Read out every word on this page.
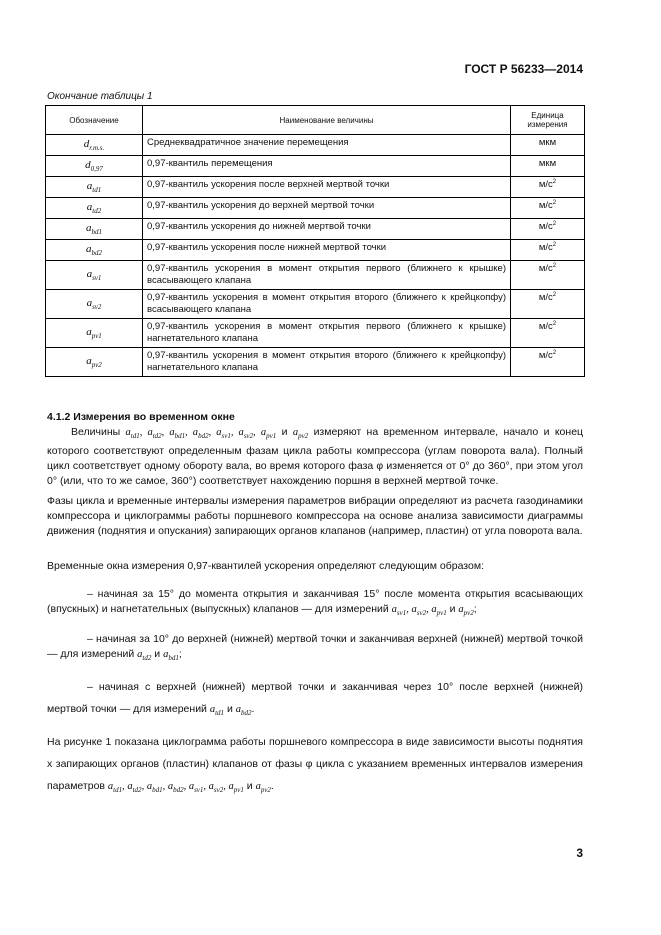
ГОСТ Р 56233—2014
Окончание таблицы 1
Обозначение	Наименование величины	Единица измерения
$d_{r.m.s.}$	Среднеквадратичное значение перемещения	мкм
$d_{0,97}$	0,97-квантиль перемещения	мкм
$a_{td1}$	0,97-квантиль ускорения после верхней мертвой точки	$м/с^2$
$a_{td2}$	0,97-квантиль ускорения до верхней мертвой точки	$м/с^2$
$a_{bd1}$	0,97-квантиль ускорения до нижней мертвой точки	$м/с^2$
$a_{bd2}$	0,97-квантиль ускорения после нижней мертвой точки	$м/с^2$
$a_{sv1}$	0,97-квантиль ускорения в момент открытия первого (ближнего к крышке) всасывающего клапана	$м/с^2$
$a_{sv2}$	0,97-квантиль ускорения в момент открытия второго (ближнего к крейцкопфу) всасывающего клапана	$м/с^2$
$a_{pv1}$	0,97-квантиль ускорения в момент открытия первого (ближнего к крышке) нагнетательного клапана	$м/с^2$
$a_{pv2}$	0,97-квантиль ускорения в момент открытия второго (ближнего к крейцкопфу) нагнетательного клапана	$м/с^2$
4.1.2 Измерения во временном окне
Величины $a_{td1}$, $a_{td2}$, $a_{bd1}$, $a_{bd2}$, $a_{sv1}$, $a_{sv2}$, $a_{pv1}$ и $a_{pv2}$ измеряют на временном интервале, начало и конец которого соответствуют определенным фазам цикла работы компрессора (углам поворота вала). Полный цикл соответствует одному обороту вала, во время которого фаза φ изменяется от 0° до 360°, при этом угол 0° (или, что то же самое, 360°) соответствует нахождению поршня в верхней мертвой точке.
Фазы цикла и временные интервалы измерения параметров вибрации определяют из расчета газодинамики компрессора и циклограммы работы поршневого компрессора на основе анализа зависимости диаграммы движения (поднятия и опускания) запирающих органов клапанов (например, пластин) от угла поворота вала.
Временные окна измерения 0,97-квантилей ускорения определяют следующим образом:
– начиная за 15° до момента открытия и заканчивая 15° после момента открытия всасывающих (впускных) и нагнетательных (выпускных) клапанов — для измерений $a_{sv1}$, $a_{sv2}$, $a_{pv1}$ и $a_{pv2}$;
– начиная за 10° до верхней (нижней) мертвой точки и заканчивая верхней (нижней) мертвой точкой — для измерений $a_{td2}$ и $a_{bd1}$;
– начиная с верхней (нижней) мертвой точки и заканчивая через 10° после верхней (нижней) мертвой точки — для измерений $a_{td1}$ и $a_{bd2}$.
На рисунке 1 показана циклограмма работы поршневого компрессора в виде зависимости высоты поднятия x запирающих органов (пластин) клапанов от фазы φ цикла с указанием временных интервалов измерения параметров $a_{td1}$, $a_{td2}$, $a_{bd1}$, $a_{bd2}$, $a_{sv1}$, $a_{sv2}$, $a_{pv1}$ и $a_{pv2}$.
3
